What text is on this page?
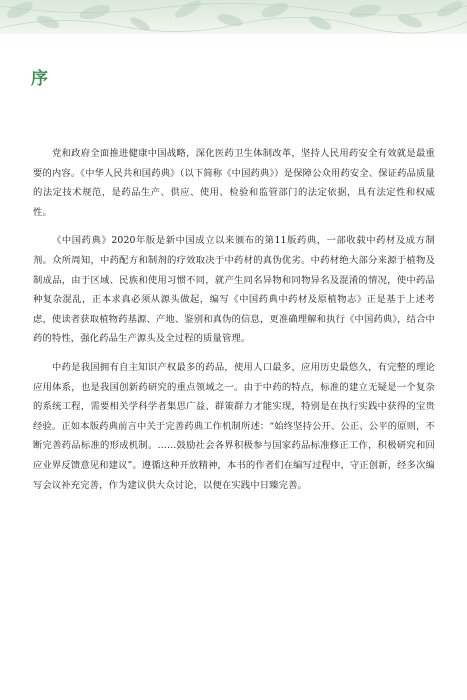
序

党和政府全面推进健康中国战略，深化医药卫生体制改革，坚持人民用药安全有效就是最重要的内容。《中华人民共和国药典》（以下简称《中国药典》）是保障公众用药安全、保证药品质量的法定技术规范，是药品生产、供应、使用、检验和监管部门的法定依据，具有法定性和权威性。

《中国药典》2020年版是新中国成立以来颁布的第11版药典，一部收载中药材及成方制剂。众所周知，中药配方和制剂的疗效取决于中药材的真伪优劣。中药材绝大部分来源于植物及制成品，由于区域、民族和使用习惯不同，就产生同名异物和同物异名及混淆的情况，使中药品种复杂混乱，正本求真必须从源头做起，编写《中国药典中药材及原植物志》正是基于上述考虑，使读者获取植物药基源、产地、鉴别和真伪的信息，更准确理解和执行《中国药典》，结合中药的特性，强化药品生产源头及全过程的质量管理。

中药是我国拥有自主知识产权最多的药品，使用人口最多，应用历史最悠久，有完整的理论应用体系，也是我国创新药研究的重点领域之一。由于中药的特点，标准的建立无疑是一个复杂的系统工程，需要相关学科学者集思广益、群策群力才能实现，特别是在执行实践中获得的宝贵经验。正如本版药典前言中关于完善药典工作机制所述：“始终坚持公开、公正、公平的原则，不断完善药品标准的形成机制。……鼓励社会各界积极参与国家药品标准修正工作，积极研究和回应业界反馈意见和建议”。遵循这种开放精神，本书的作者们在编写过程中，守正创新，经多次编写会议补充完善，作为建议供大众讨论，以便在实践中日臻完善。
